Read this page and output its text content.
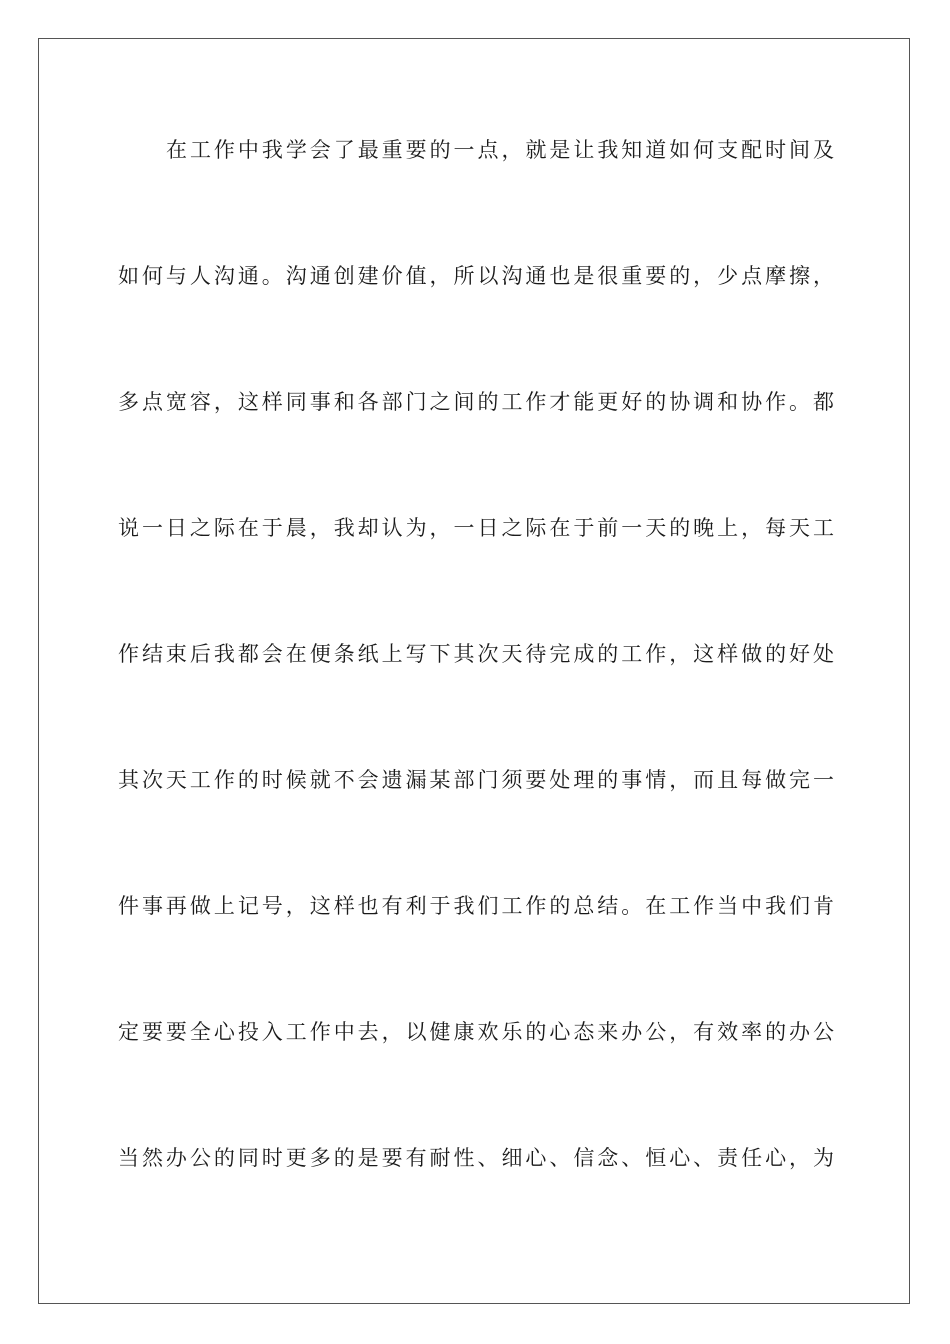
在工作中我学会了最重要的一点，就是让我知道如何支配时间及
如何与人沟通。沟通创建价值，所以沟通也是很重要的，少点摩擦，
多点宽容，这样同事和各部门之间的工作才能更好的协调和协作。都
说一日之际在于晨，我却认为，一日之际在于前一天的晚上，每天工
作结束后我都会在便条纸上写下其次天待完成的工作，这样做的好处
其次天工作的时候就不会遗漏某部门须要处理的事情，而且每做完一
件事再做上记号，这样也有利于我们工作的总结。在工作当中我们肯
定要要全心投入工作中去，以健康欢乐的心态来办公，有效率的办公
当然办公的同时更多的是要有耐性、细心、信念、恒心、责任心，为
